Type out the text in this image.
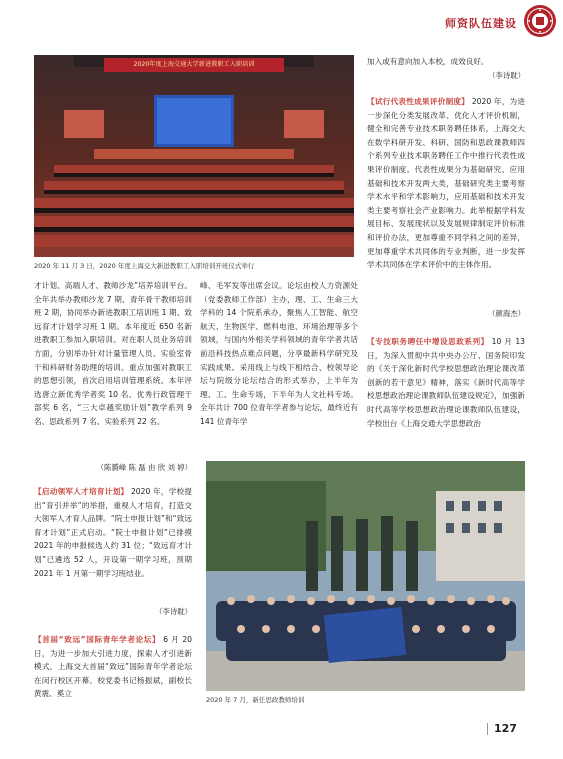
师资队伍建设
2020年度上海交通大学新进教职工入职培训
2020 年 11 月 3 日，2020 年度上海交大新进教职工入职培训开班仪式举行
加入或有意向加入本校，成效良好。
（李诗耽）
【试行代表性成果评价制度】 2020 年，为进一步深化分类发展改革、优化人才评价机制，健全和完善专业技术职务聘任体系，上海交大在数学科研开发、科研、国防和思政课教师四个系列专业技术职务聘任工作中推行代表性成果评价制度。代表性成果分为基础研究、应用基础和技术开发两大类，基础研究类主要考察学术水平和学术影响力，应用基础和技术开发类主要考察社会产业影响力。此举根据学科发展目标、发展现状以及发展规律制定评价标准和评价办法，更加尊重不同学科之间的差异，更加尊重学术共同体的专业判断，进一步发挥学术共同体在学术评价中的主体作用。
（颜海杰）
【专技职务聘任中增设思政系列】 10 月 13 日，为深入贯彻中共中央办公厅、国务院印发的《关于深化新时代学校思想政治理论课改革创新的若干意见》精神，落实《新时代高等学校思想政治理论课教师队伍建设规定》，加强新时代高等学校思想政治理论课教师队伍建设，学校出台《上海交通大学思想政治
才计划、高端人才、教师沙龙”培养培训平台。全年共举办教师沙龙 7 期、青年骨干教师培训班 2 期，协同举办新进教职工培训班 1 期、致远育才计划学习班 1 期。本年度近 650 名新进教职工参加入职培训。对在职人员业务培训方面，分别举办针对计量管理人员、实验室骨干和科研财务助理的培训。重点加强对教职工的思想引领，首次启用培训管理系统。本年评选唐立新优秀学者奖 10 名、优秀行政管理干部奖 6 名，“三大卓越奖励计划”教学系列 9 名、思政系列 7 名、实验系列 22 名。
（陈贇峰 陈 磊 由 欣 刘 婷）
【启动领军人才培育计划】 2020 年，学校提出“育引并举”的举措，重视人才培育，打造交大领军人才育人品牌。“院士申报计划”和“致远育才计划”正式启动。“院士申报计划”已排摸 2021 年的申报候选人约 31 位；“致远育才计划”已遴选 52 人，开设第一期学习班，预期 2021 年 1 月第一期学习班结业。
（李诗耽）
【首届“致远”国际青年学者论坛】 6 月 20 日，为进一步加大引进力度，探索人才引进新模式，上海交大首届“致远”国际青年学者论坛在闵行校区开幕。校党委书记杨振斌，副校长黄震、奚立
峰、毛军发等出席会议。论坛由校人力资源处（党委教师工作部）主办，理、工、生命三大学科的 14 个院系承办，聚焦人工智能、航空航天、生物医学、燃料电池、环境治理等多个领域，与国内外相关学科领域的青年学者共话前沿科技热点难点问题，分享最新科学研究及实践成果。采用线上与线下相结合、校领导论坛与院级分论坛结合的形式举办，上半年为理、工、生命专场，下半年为人文社科专场。全年共计 700 位青年学者参与论坛，最终近有 141 位青年学
2020 年 7 月，新任思政教师培训
127
